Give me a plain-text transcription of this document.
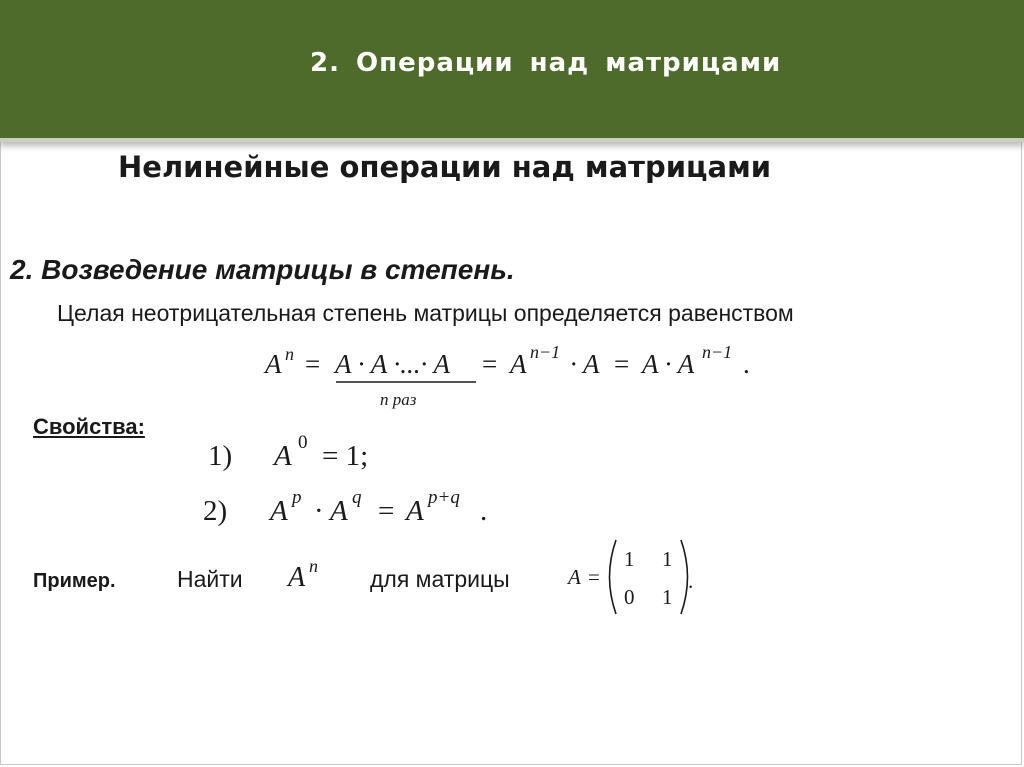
2. Операции над матрицами
Нелинейные операции над матрицами
2. Возведение матрицы в степень.
Целая неотрицательная степень матрицы определяется равенством
Свойства:
Пример.	Найти	для матрицы
A n = A · A ·...· A
n раз
= A n−1 · A = A · A n−1 .
1) A 0 = 1;
2) A p · A q = A p+q .
A n	A =
1 1
0 1
.
